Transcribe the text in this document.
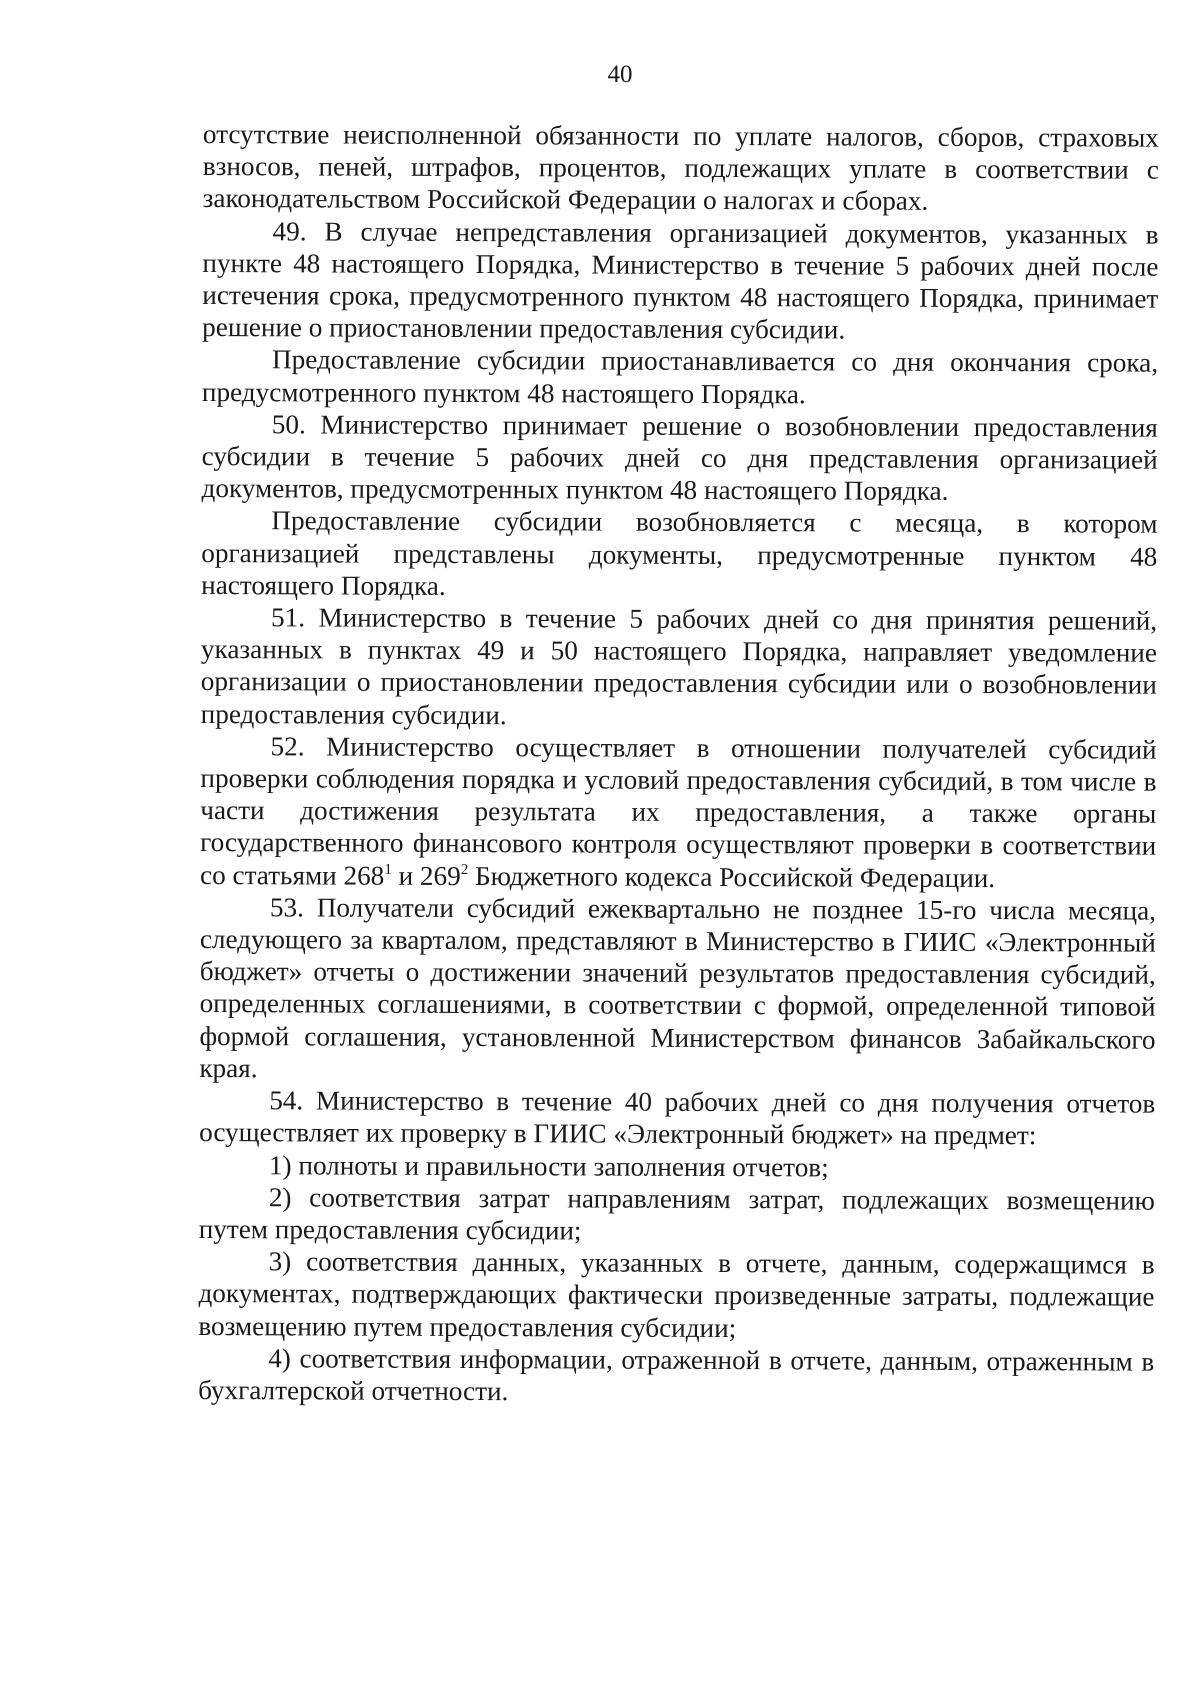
40

отсутствие неисполненной обязанности по уплате налогов, сборов, страховых взносов, пеней, штрафов, процентов, подлежащих уплате в соответствии с законодательством Российской Федерации о налогах и сборах.

49. В случае непредставления организацией документов, указанных в пункте 48 настоящего Порядка, Министерство в течение 5 рабочих дней после истечения срока, предусмотренного пунктом 48 настоящего Порядка, принимает решение о приостановлении предоставления субсидии.

Предоставление субсидии приостанавливается со дня окончания срока, предусмотренного пунктом 48 настоящего Порядка.

50. Министерство принимает решение о возобновлении предоставления субсидии в течение 5 рабочих дней со дня представления организацией документов, предусмотренных пунктом 48 настоящего Порядка.

Предоставление субсидии возобновляется с месяца, в котором организацией представлены документы, предусмотренные пунктом 48 настоящего Порядка.

51. Министерство в течение 5 рабочих дней со дня принятия решений, указанных в пунктах 49 и 50 настоящего Порядка, направляет уведомление организации о приостановлении предоставления субсидии или о возобновлении предоставления субсидии.

52. Министерство осуществляет в отношении получателей субсидий проверки соблюдения порядка и условий предоставления субсидий, в том числе в части достижения результата их предоставления, а также органы государственного финансового контроля осуществляют проверки в соответствии со статьями $268^1$ и $269^2$ Бюджетного кодекса Российской Федерации.

53. Получатели субсидий ежеквартально не позднее 15-го числа месяца, следующего за кварталом, представляют в Министерство в ГИИС «Электронный бюджет» отчеты о достижении значений результатов предоставления субсидий, определенных соглашениями, в соответствии с формой, определенной типовой формой соглашения, установленной Министерством финансов Забайкальского края.

54. Министерство в течение 40 рабочих дней со дня получения отчетов осуществляет их проверку в ГИИС «Электронный бюджет» на предмет:

1) полноты и правильности заполнения отчетов;

2) соответствия затрат направлениям затрат, подлежащих возмещению путем предоставления субсидии;

3) соответствия данных, указанных в отчете, данным, содержащимся в документах, подтверждающих фактически произведенные затраты, подлежащие возмещению путем предоставления субсидии;

4) соответствия информации, отраженной в отчете, данным, отраженным в бухгалтерской отчетности.
